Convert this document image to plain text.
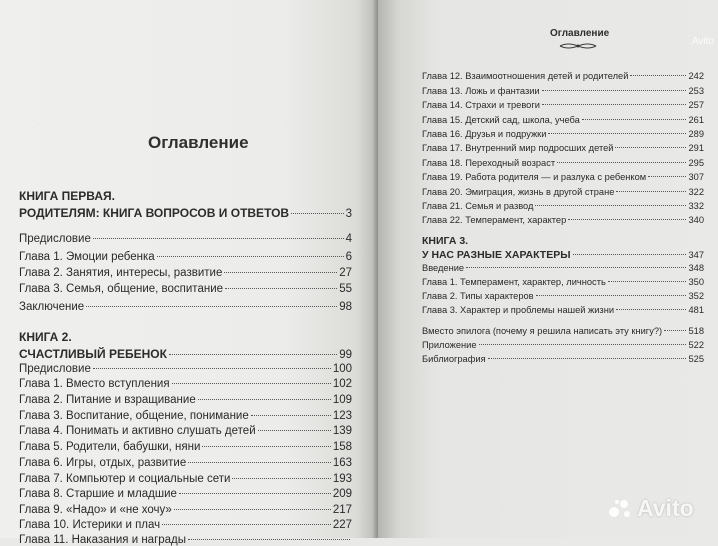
Оглавление
КНИГА ПЕРВАЯ.
РОДИТЕЛЯМ: КНИГА ВОПРОСОВ И ОТВЕТОВ	3
Предисловие	4
Глава 1. Эмоции ребенка	6
Глава 2. Занятия, интересы, развитие	27
Глава 3. Семья, общение, воспитание	55
Заключение	98
КНИГА 2.
СЧАСТЛИВЫЙ РЕБЕНОК	99
Предисловие	100
Глава 1. Вместо вступления	102
Глава 2. Питание и взращивание	109
Глава 3. Воспитание, общение, понимание	123
Глава 4. Понимать и активно слушать детей	139
Глава 5. Родители, бабушки, няни	158
Глава 6. Игры, отдых, развитие	163
Глава 7. Компьютер и социальные сети	193
Глава 8. Старшие и младшие	209
Глава 9. «Надо» и «не хочу»	217
Глава 10. Истерики и плач	227
Глава 11. Наказания и награды
Оглавление
Глава 12. Взаимоотношения детей и родителей	242
Глава 13. Ложь и фантазии	253
Глава 14. Страхи и тревоги	257
Глава 15. Детский сад, школа, учеба	261
Глава 16. Друзья и подружки	289
Глава 17. Внутренний мир подросших детей	291
Глава 18. Переходный возраст	295
Глава 19. Работа родителя — и разлука с ребенком	307
Глава 20. Эмиграция, жизнь в другой стране	322
Глава 21. Семья и развод	332
Глава 22. Темперамент, характер	340
КНИГА 3.
У НАС РАЗНЫЕ ХАРАКТЕРЫ	347
Введение	348
Глава 1. Темперамент, характер, личность	350
Глава 2. Типы характеров	352
Глава 3. Характер и проблемы нашей жизни	481
Вместо эпилога (почему я решила написать эту книгу?)	518
Приложение	522
Библиография	525
Avito
Avito
